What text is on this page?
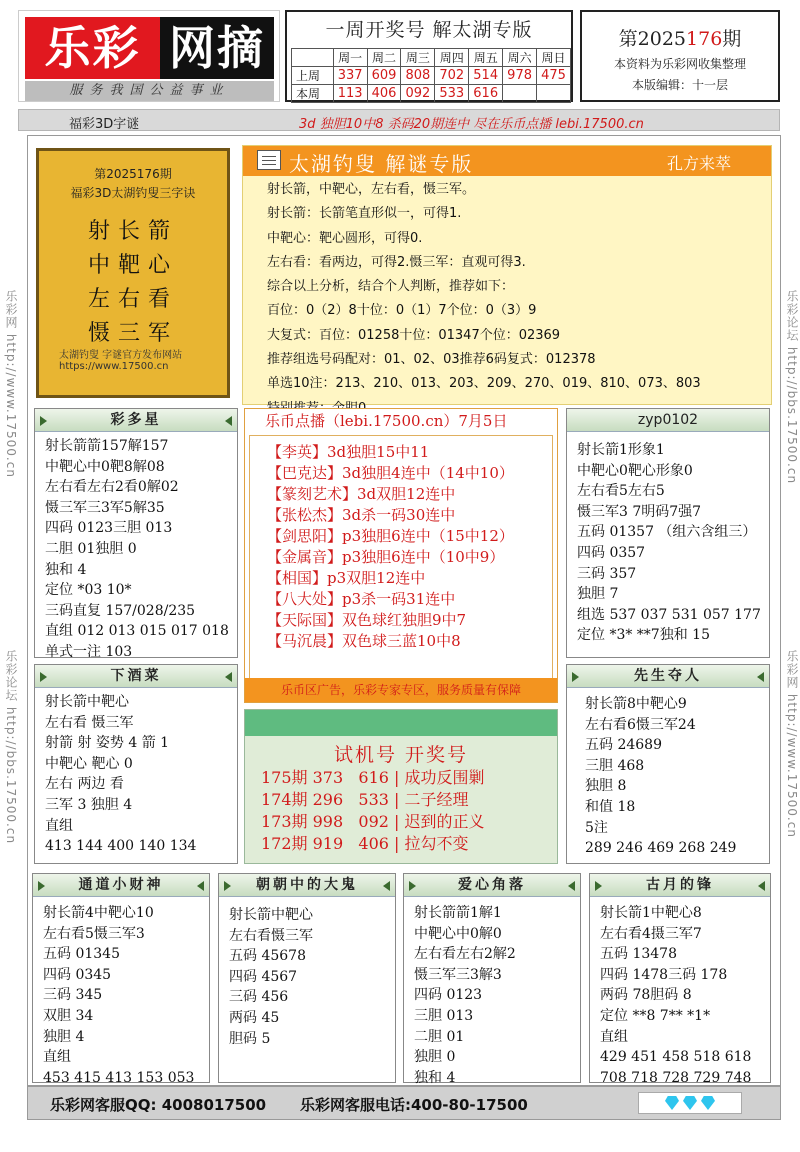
乐彩 网摘
服务我国公益事业
一周开奖号 解太湖专版
	周一	周二	周三	周四	周五	周六	周日
上周	337	609	808	702	514	978	475
本周	113	406	092	533	616		
第2025176期
本资料为乐彩网收集整理
本版编辑：十一层
福彩3D字谜	3d 独胆10中8 杀码20期连中 尽在乐币点播 lebi.17500.cn
乐彩网 http://www.17500.cn
乐彩论坛 http://bbs.17500.cn
乐彩论坛 http://bbs.17500.cn
乐彩网 http://www.17500.cn
第2025176期
福彩3D太湖钓叟三字诀
射长箭
中靶心
左右看
慑三军
太湖钓叟 字谜官方发布网站
https://www.17500.cn
太湖钓叟 解谜专版	孔方来萃
射长箭，中靶心，左右看，慑三军。
射长箭：长箭笔直形似一，可得1.
中靶心：靶心圆形，可得0.
左右看：看两边，可得2.慑三军：直观可得3.
综合以上分析，结合个人判断，推荐如下：
百位：0（2）8十位：0（1）7个位：0（3）9
大复式：百位：01258十位：01347个位：02369
推荐组选号码配对：01、02、03推荐6码复式：012378
单选10注：213、210、013、203、209、270、019、810、073、803
彩多星
射长箭箭157解157
中靶心中0靶8解08
左右看左右2看0解02
慑三军三3军5解35
四码 0123三胆 013
二胆 01独胆 0
独和 4
定位 *03 10*
三码直复 157/028/235
直组 012 013 015 017 018
单式一注 103
下酒菜
射长箭中靶心
左右看 慑三军
射箭 射 姿势 4 箭 1
中靶心 靶心 0
左右 两边 看
三军 3 独胆 4
直组
413 144 400 140 134
乐币点播（lebi.17500.cn）7月5日
【李英】3d独胆15中11
【巴克达】3d独胆4连中（14中10）
【篆刻艺术】3d双胆12连中
【张松杰】3d杀一码30连中
【剑思阳】p3独胆6连中（15中12）
【金属音】p3独胆6连中（10中9）
【相国】p3双胆12连中
【八大处】p3杀一码31连中
【天际国】双色球红独胆9中7
【马沉晨】双色球三蓝10中8
乐币区广告，乐彩专家专区，服务质量有保障
试机号 开奖号
175期 373   616 | 成功反围剿
174期 296   533 | 二子经理
173期 998   092 | 迟到的正义
172期 919   406 | 拉勾不变
zyp0102
射长箭1形象1
中靶心0靶心形象0
左右看5左右5
慑三军3 7明码7强7
五码 01357 （组六含组三）
四码 0357
三码 357
独胆 7
组选 537 037 531 057 177
定位 *3* **7独和 15
先生夺人
射长箭8中靶心9
左右看6慑三军24
五码 24689
三胆 468
独胆 8
和值 18
5注
289 246 469 268 249
通道小财神
射长箭4中靶心10
左右看5慑三军3
五码 01345
四码 0345
三码 345
双胆 34
独胆 4
直组
453 415 413 153 053
朝朝中的大鬼
射长箭中靶心
左右看慑三军
五码 45678
四码 4567
三码 456
两码 45
胆码 5
爱心角落
射长箭箭1解1
中靶心中0解0
左右看左右2解2
慑三军三3解3
四码 0123
三胆 013
二胆 01
独胆 0
独和 4
古月的锋
射长箭1中靶心8
左右看4摄三军7
五码 13478
四码 1478三码 178
两码 78胆码 8
定位 **8 7** *1*
直组
429 451 458 518 618
708 718 728 729 748
乐彩网客服QQ: 4008017500 乐彩网客服电话:400-80-17500
